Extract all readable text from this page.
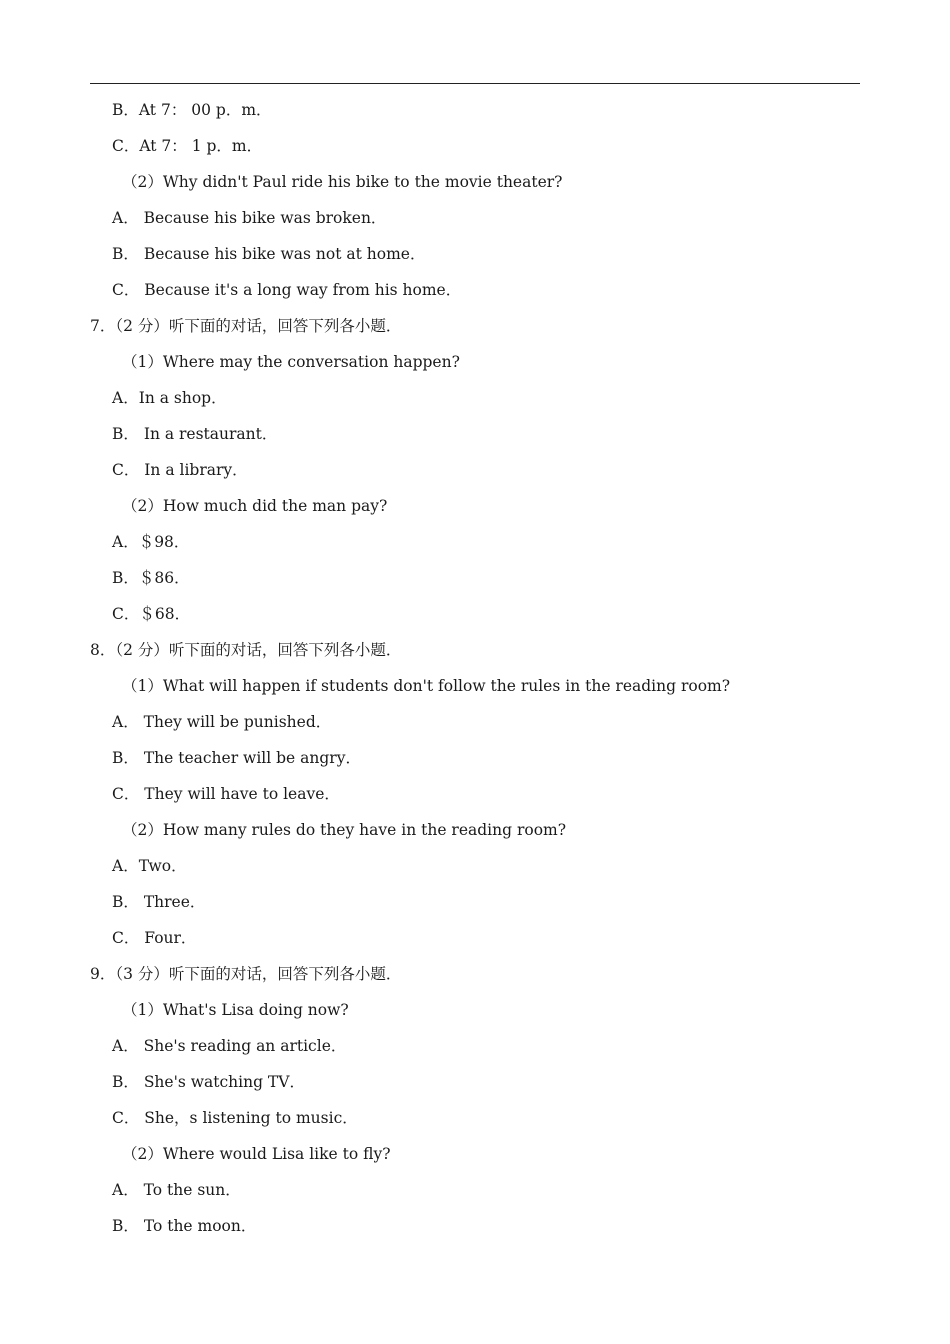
B．At 7： 00 p．m．
C．At 7： 1 p．m．
（2）Why didn't Paul ride his bike to the movie theater?
A． Because his bike was broken．
B． Because his bike was not at home．
C． Because it's a long way from his home．
7．（2 分）听下面的对话，回答下列各小题．
（1）Where may the conversation happen?
A．In a shop．
B． In a restaurant．
C． In a library．
（2）How much did the man pay?
A．＄98．
B．＄86．
C．＄68．
8．（2 分）听下面的对话，回答下列各小题．
（1）What will happen if students don't follow the rules in the reading room?
A． They will be punished．
B． The teacher will be angry．
C． They will have to leave．
（2）How many rules do they have in the reading room?
A．Two．
B． Three．
C． Four．
9．（3 分）听下面的对话，回答下列各小题．
（1）What's Lisa doing now?
A． She's reading an article．
B． She's watching TV．
C． She，s listening to music．
（2）Where would Lisa like to fly?
A． To the sun．
B． To the moon．
